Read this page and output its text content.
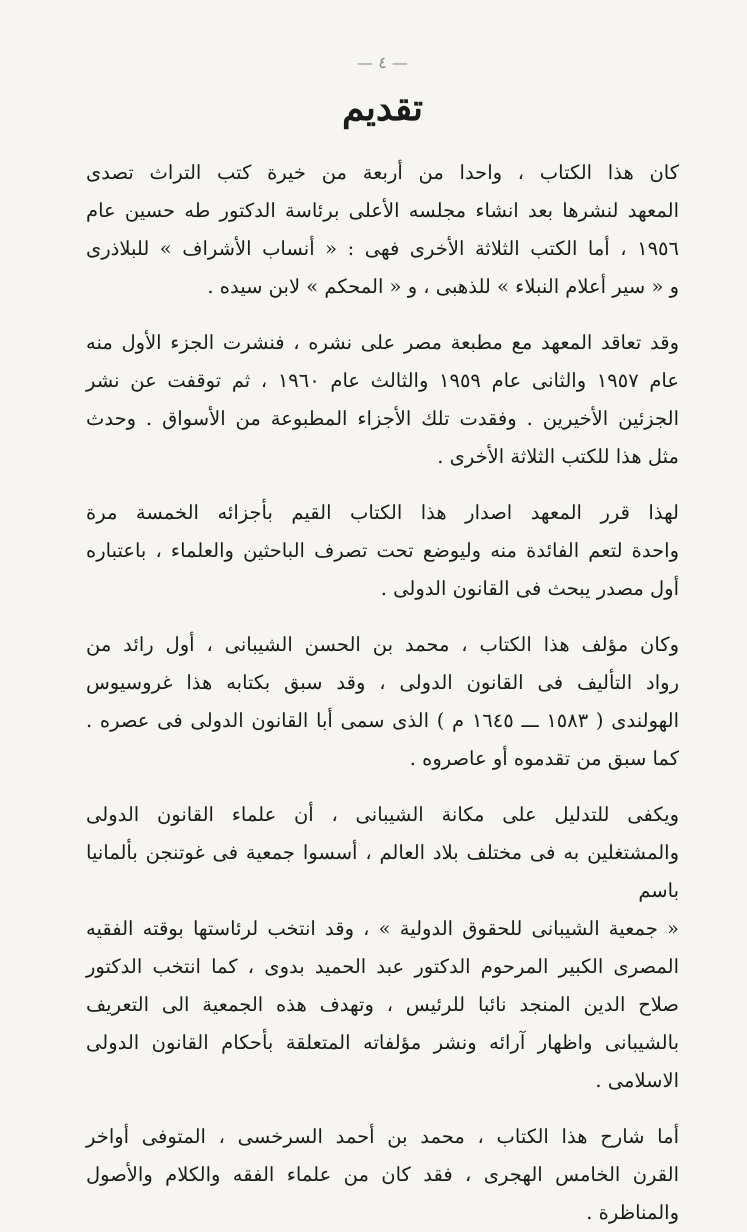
— ٤ —
تقديم
كان هذا الكتاب ، واحدا من أربعة من خيرة كتب التراث تصدى
المعهد لنشرها بعد انشاء مجلسه الأعلى برئاسة الدكتور طه حسين عام
١٩٥٦ ، أما الكتب الثلاثة الأخرى فهى : « أنساب الأشراف » للبلاذرى
و « سير أعلام النبلاء » للذهبى ، و « المحكم » لابن سيده .
وقد تعاقد المعهد مع مطبعة مصر على نشره ، فنشرت الجزء الأول منه
عام ١٩٥٧ والثانى عام ١٩٥٩ والثالث عام ١٩٦٠ ، ثم توقفت عن نشر
الجزئين الأخيرين . وفقدت تلك الأجزاء المطبوعة من الأسواق . وحدث
مثل هذا للكتب الثلاثة الأخرى .
لهذا قرر المعهد اصدار هذا الكتاب القيم بأجزائه الخمسة مرة
واحدة لتعم الفائدة منه وليوضع تحت تصرف الباحثين والعلماء ، باعتباره
أول مصدر يبحث فى القانون الدولى .
وكان مؤلف هذا الكتاب ، محمد بن الحسن الشيبانى ، أول رائد من
رواد التأليف فى القانون الدولى ، وقد سبق بكتابه هذا غروسيوس
الهولندى ( ١٥٨٣ ـــ ١٦٤٥ م ) الذى سمى أبا القانون الدولى فى عصره .
كما سبق من تقدموه أو عاصروه .
ويكفى للتدليل على مكانة الشيبانى ، أن علماء القانون الدولى
والمشتغلين به فى مختلف بلاد العالم ، أسسوا جمعية فى غوتنجن بألمانيا باسم
« جمعية الشيبانى للحقوق الدولية » ، وقد انتخب لرئاستها بوقته الفقيه
المصرى الكبير المرحوم الدكتور عبد الحميد بدوى ، كما انتخب الدكتور
صلاح الدين المنجد نائبا للرئيس ، وتهدف هذه الجمعية الى التعريف
بالشيبانى واظهار آرائه ونشر مؤلفاته المتعلقة بأحكام القانون الدولى
الاسلامى .
أما شارح هذا الكتاب ، محمد بن أحمد السرخسى ، المتوفى أواخر
القرن الخامس الهجرى ، فقد كان من علماء الفقه والكلام والأصول
والمناظرة .
